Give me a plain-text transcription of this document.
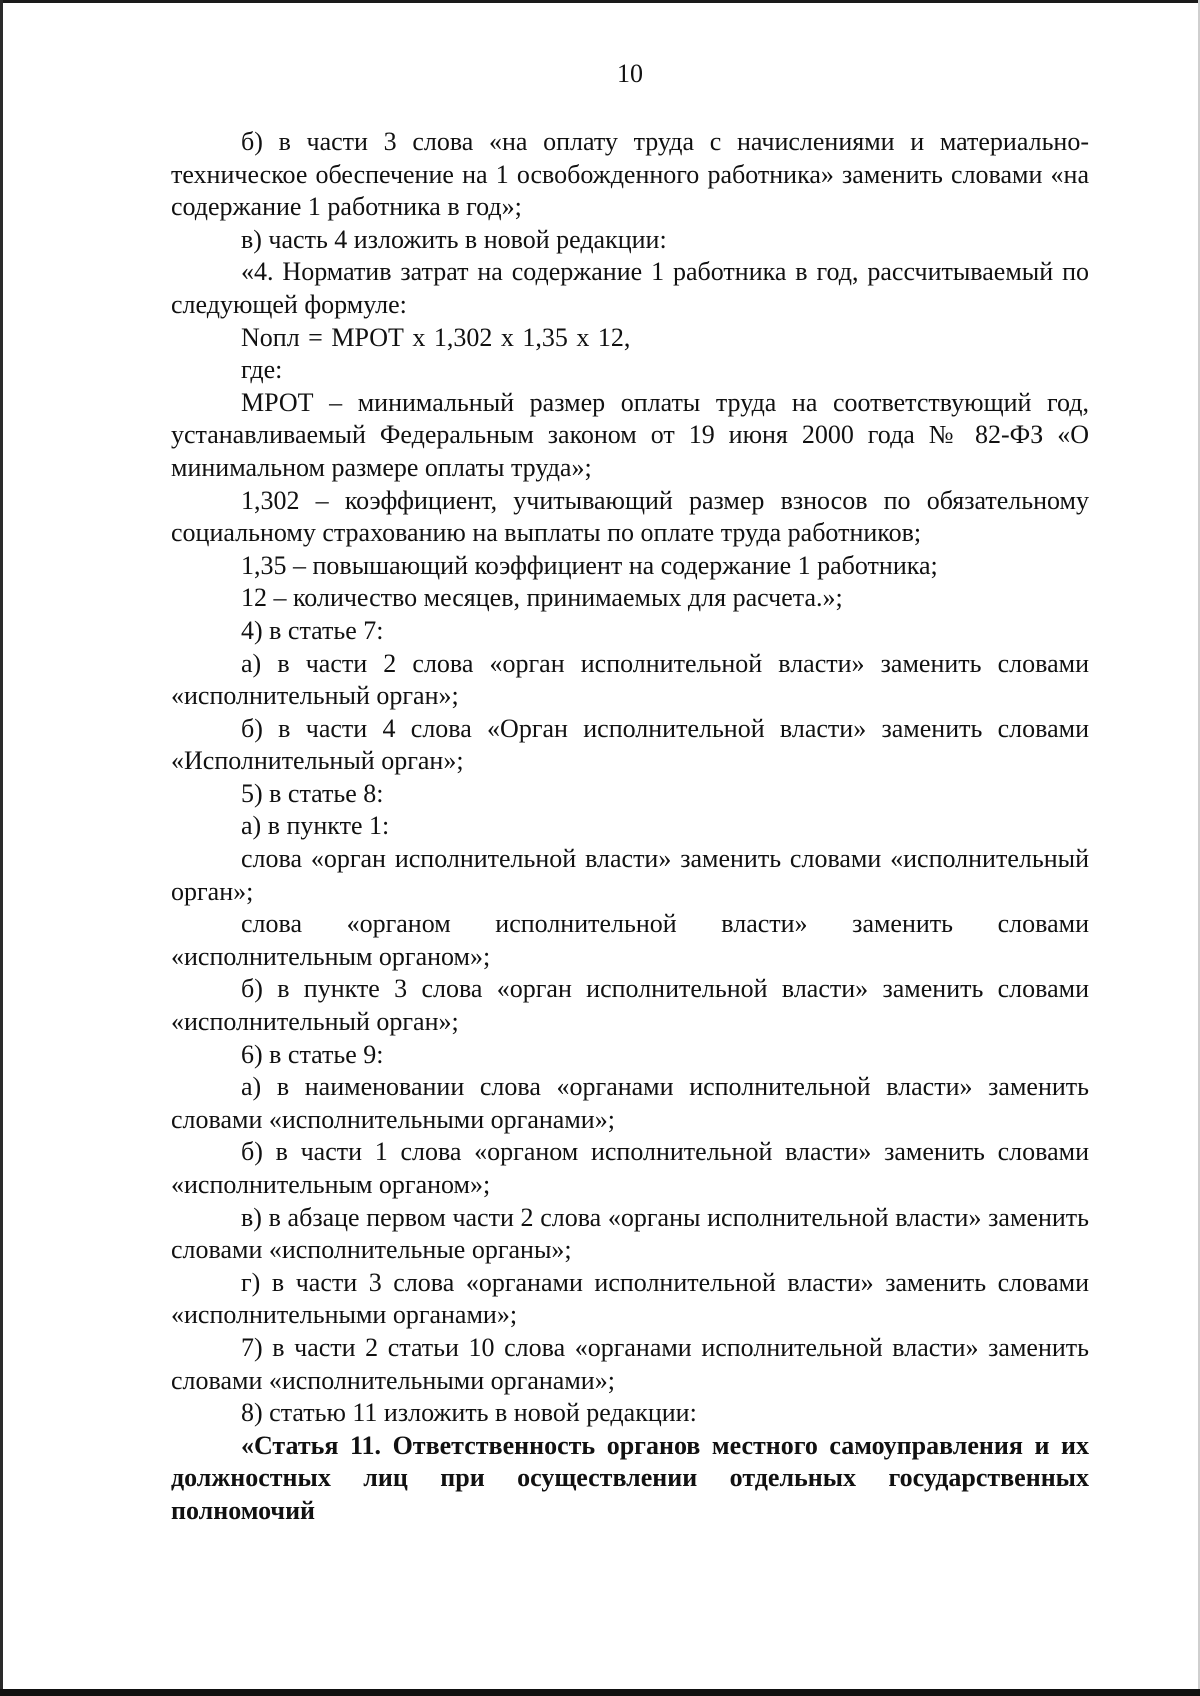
10

б) в части 3 слова «на оплату труда с начислениями и материально-техническое обеспечение на 1 освобожденного работника» заменить словами «на содержание 1 работника в год»;

в) часть 4 изложить в новой редакции:

«4. Норматив затрат на содержание 1 работника в год, рассчитываемый по следующей формуле:

Nопл = МРОТ х 1,302 х 1,35 х 12,

где:

МРОТ – минимальный размер оплаты труда на соответствующий год, устанавливаемый Федеральным законом от 19 июня 2000 года № 82-ФЗ «О минимальном размере оплаты труда»;

1,302 – коэффициент, учитывающий размер взносов по обязательному социальному страхованию на выплаты по оплате труда работников;

1,35 – повышающий коэффициент на содержание 1 работника;

12 – количество месяцев, принимаемых для расчета.»;

4) в статье 7:

а) в части 2 слова «орган исполнительной власти» заменить словами «исполнительный орган»;

б) в части 4 слова «Орган исполнительной власти» заменить словами «Исполнительный орган»;

5) в статье 8:

а) в пункте 1:

слова «орган исполнительной власти» заменить словами «исполнительный орган»;

слова «органом исполнительной власти» заменить словами «исполнительным органом»;

б) в пункте 3 слова «орган исполнительной власти» заменить словами «исполнительный орган»;

6) в статье 9:

а) в наименовании слова «органами исполнительной власти» заменить словами «исполнительными органами»;

б) в части 1 слова «органом исполнительной власти» заменить словами «исполнительным органом»;

в) в абзаце первом части 2 слова «органы исполнительной власти» заменить словами «исполнительные органы»;

г) в части 3 слова «органами исполнительной власти» заменить словами «исполнительными органами»;

7) в части 2 статьи 10 слова «органами исполнительной власти» заменить словами «исполнительными органами»;

8) статью 11 изложить в новой редакции:

«Статья 11. Ответственность органов местного самоуправления и их должностных лиц при осуществлении отдельных государственных полномочий
